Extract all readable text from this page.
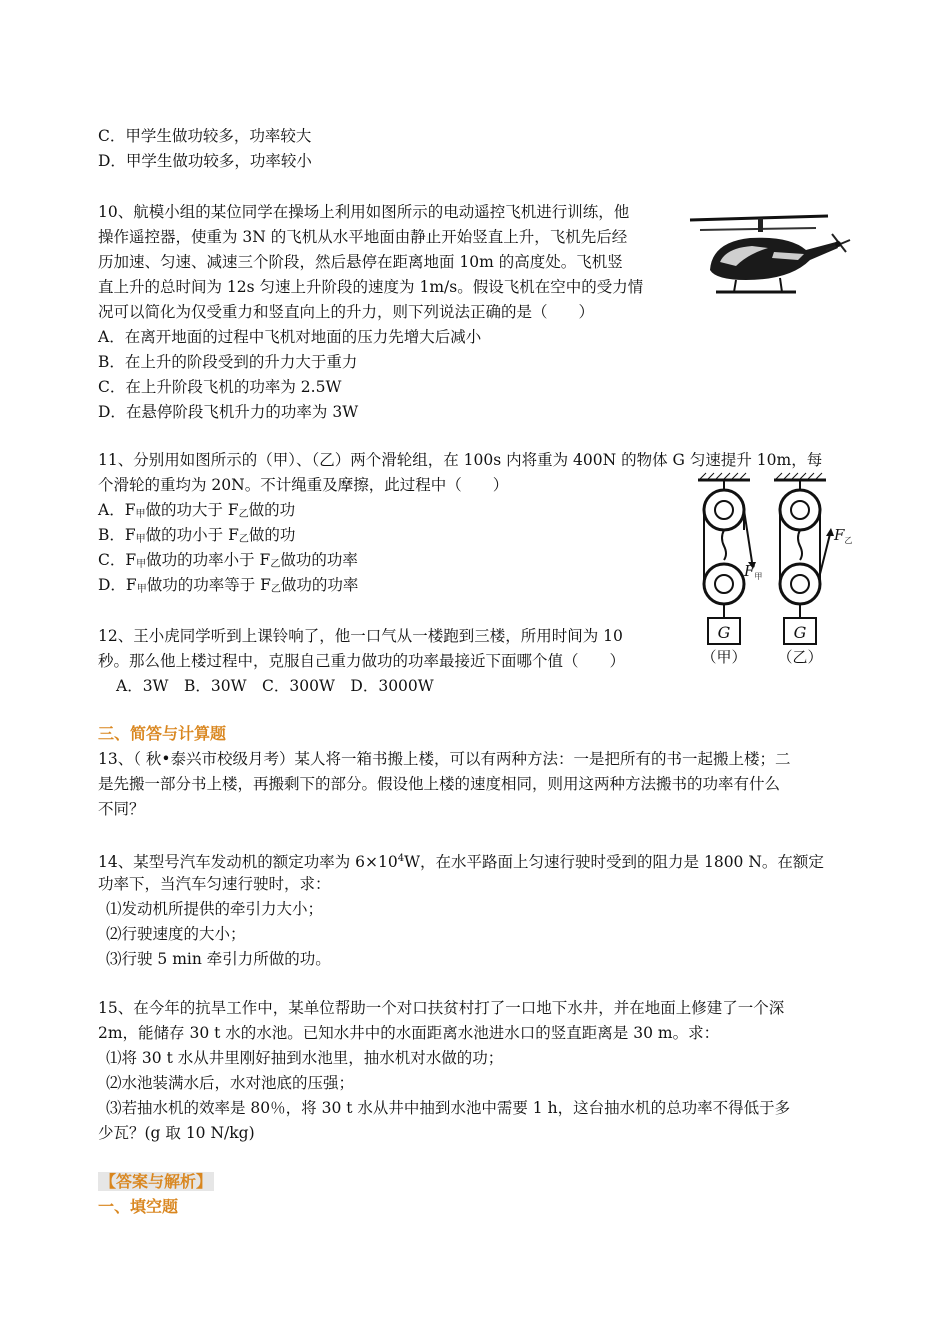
C．甲学生做功较多，功率较大
D．甲学生做功较多，功率较小
10、航模小组的某位同学在操场上利用如图所示的电动遥控飞机进行训练，他
操作遥控器，使重为 3N 的飞机从水平地面由静止开始竖直上升，飞机先后经
历加速、匀速、减速三个阶段，然后悬停在距离地面 10m 的高度处。飞机竖
直上升的总时间为 12s 匀速上升阶段的速度为 1m/s。假设飞机在空中的受力情
况可以简化为仅受重力和竖直向上的升力，则下列说法正确的是（　　）
A．在离开地面的过程中飞机对地面的压力先增大后减小
B．在上升的阶段受到的升力大于重力
C．在上升阶段飞机的功率为 2.5W
D．在悬停阶段飞机升力的功率为 3W
11、分别用如图所示的（甲）、（乙）两个滑轮组，在 100s 内将重为 400N 的物体 G 匀速提升 10m，每
个滑轮的重均为 20N。不计绳重及摩擦，此过程中（　　）
A．$F_甲$做的功大于 $F_乙$做的功
B．$F_甲$做的功小于 $F_乙$做的功
C．$F_甲$做功的功率小于 $F_乙$做功的功率
D．$F_甲$做功的功率等于 $F_乙$做功的功率
G
$F_甲$
（甲）
G
$F_乙$
（乙）
12、王小虎同学听到上课铃响了，他一口气从一楼跑到三楼，所用时间为 10
秒。那么他上楼过程中，克服自己重力做功的功率最接近下面哪个值（　　）
A．3W　B．30W　C．300W　D．3000W
三、简答与计算题
13、（ 秋•泰兴市校级月考）某人将一箱书搬上楼，可以有两种方法：一是把所有的书一起搬上楼；二
是先搬一部分书上楼，再搬剩下的部分。假设他上楼的速度相同，则用这两种方法搬书的功率有什么
不同？
14、某型号汽车发动机的额定功率为 $6\times 10^4W$，在水平路面上匀速行驶时受到的阻力是 1800 N。在额定
功率下，当汽车匀速行驶时，求：
⑴发动机所提供的牵引力大小；
⑵行驶速度的大小；
⑶行驶 5 min 牵引力所做的功。
15、在今年的抗旱工作中，某单位帮助一个对口扶贫村打了一口地下水井，并在地面上修建了一个深
2m，能储存 30 t 水的水池。已知水井中的水面距离水池进水口的竖直距离是 30 m。求：
⑴将 30 t 水从井里刚好抽到水池里，抽水机对水做的功；
⑵水池装满水后，水对池底的压强；
⑶若抽水机的效率是 80％，将 30 t 水从井中抽到水池中需要 1 h，这台抽水机的总功率不得低于多
少瓦？(g 取 10 N/kg)
【答案与解析】
一、填空题
